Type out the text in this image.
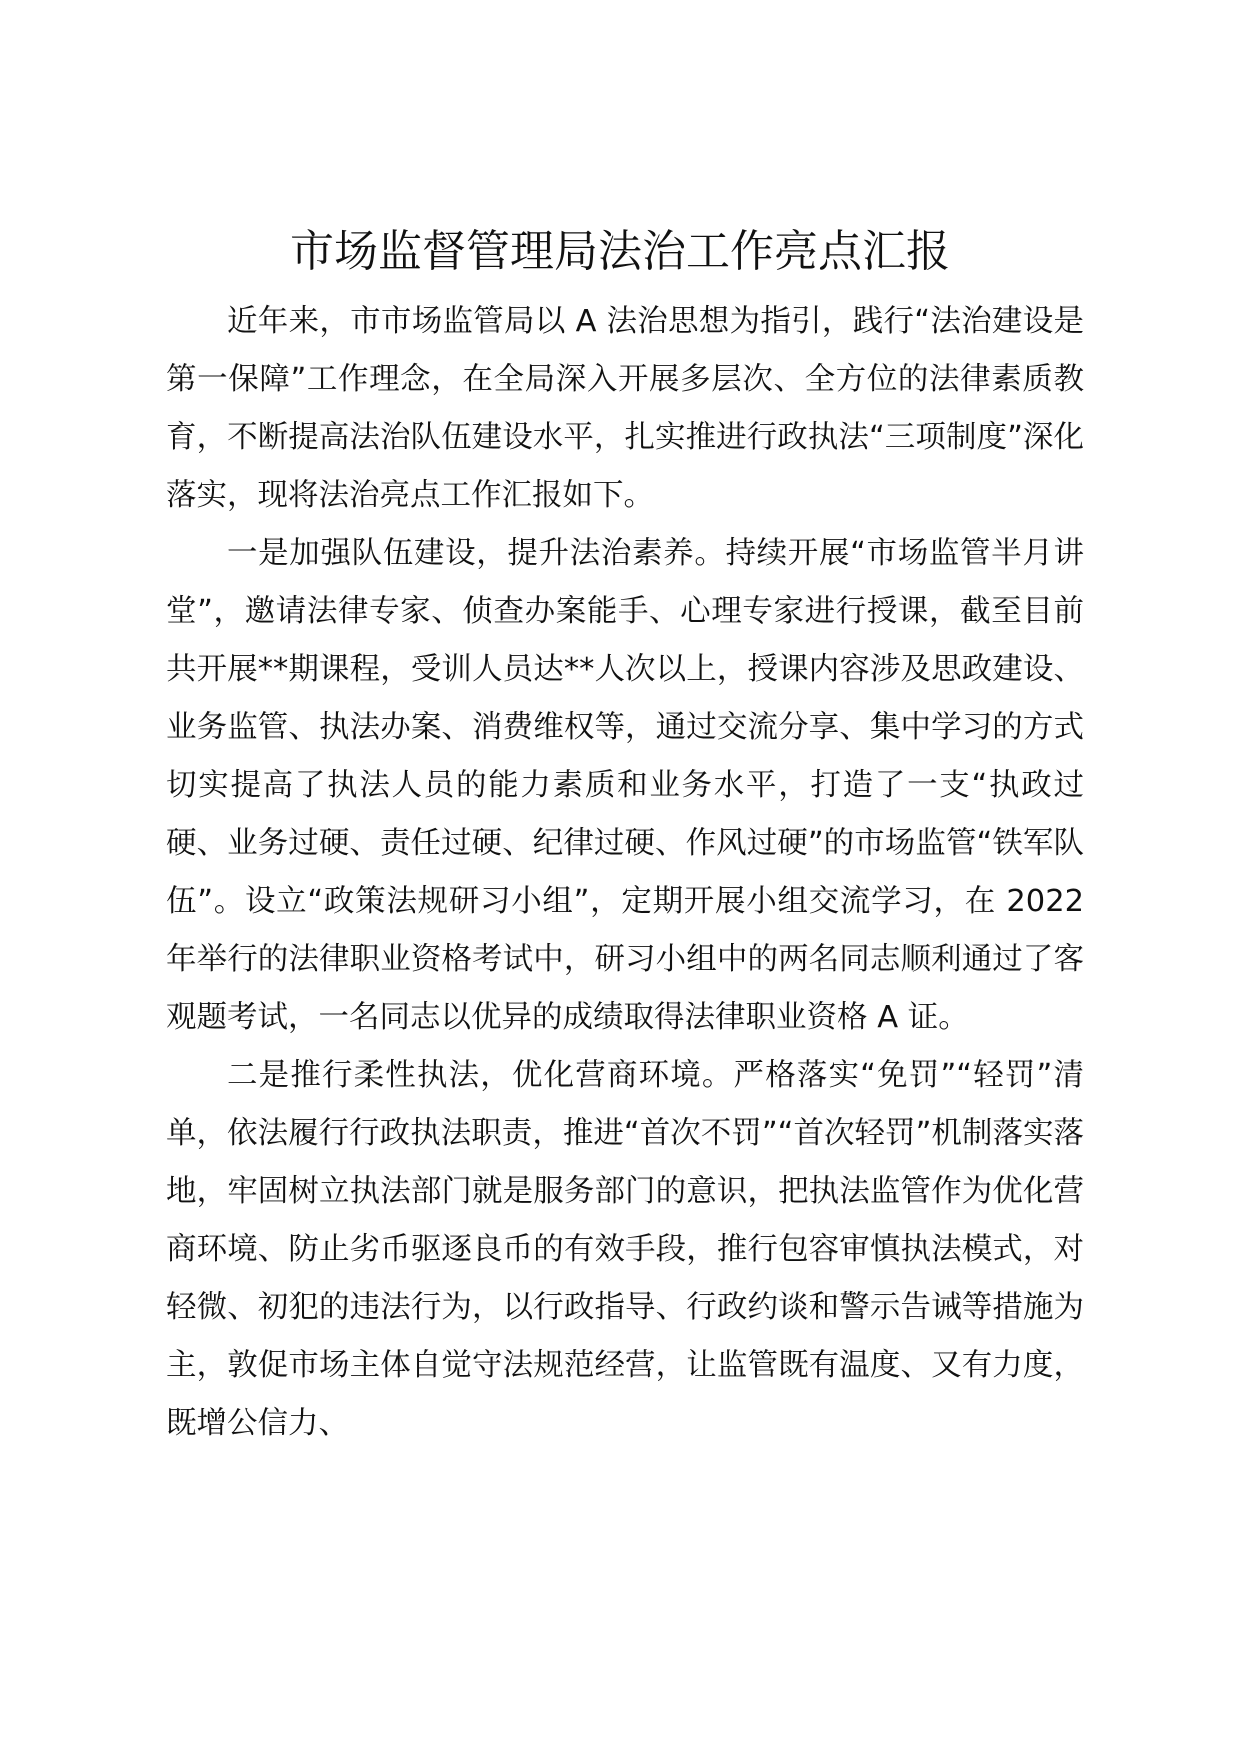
市场监督管理局法治工作亮点汇报

近年来，市市场监管局以 A 法治思想为指引，践行“法治建设是第一保障”工作理念，在全局深入开展多层次、全方位的法律素质教育，不断提高法治队伍建设水平，扎实推进行政执法“三项制度”深化落实，现将法治亮点工作汇报如下。

一是加强队伍建设，提升法治素养。持续开展“市场监管半月讲堂”，邀请法律专家、侦查办案能手、心理专家进行授课，截至目前共开展**期课程，受训人员达**人次以上，授课内容涉及思政建设、业务监管、执法办案、消费维权等，通过交流分享、集中学习的方式切实提高了执法人员的能力素质和业务水平，打造了一支“执政过硬、业务过硬、责任过硬、纪律过硬、作风过硬”的市场监管“铁军队伍”。设立“政策法规研习小组”，定期开展小组交流学习，在 2022 年举行的法律职业资格考试中，研习小组中的两名同志顺利通过了客观题考试，一名同志以优异的成绩取得法律职业资格 A 证。

二是推行柔性执法，优化营商环境。严格落实“免罚”“轻罚”清单，依法履行行政执法职责，推进“首次不罚”“首次轻罚”机制落实落地，牢固树立执法部门就是服务部门的意识，把执法监管作为优化营商环境、防止劣币驱逐良币的有效手段，推行包容审慎执法模式，对轻微、初犯的违法行为，以行政指导、行政约谈和警示告诫等措施为主，敦促市场主体自觉守法规范经营，让监管既有温度、又有力度，既增公信力、
